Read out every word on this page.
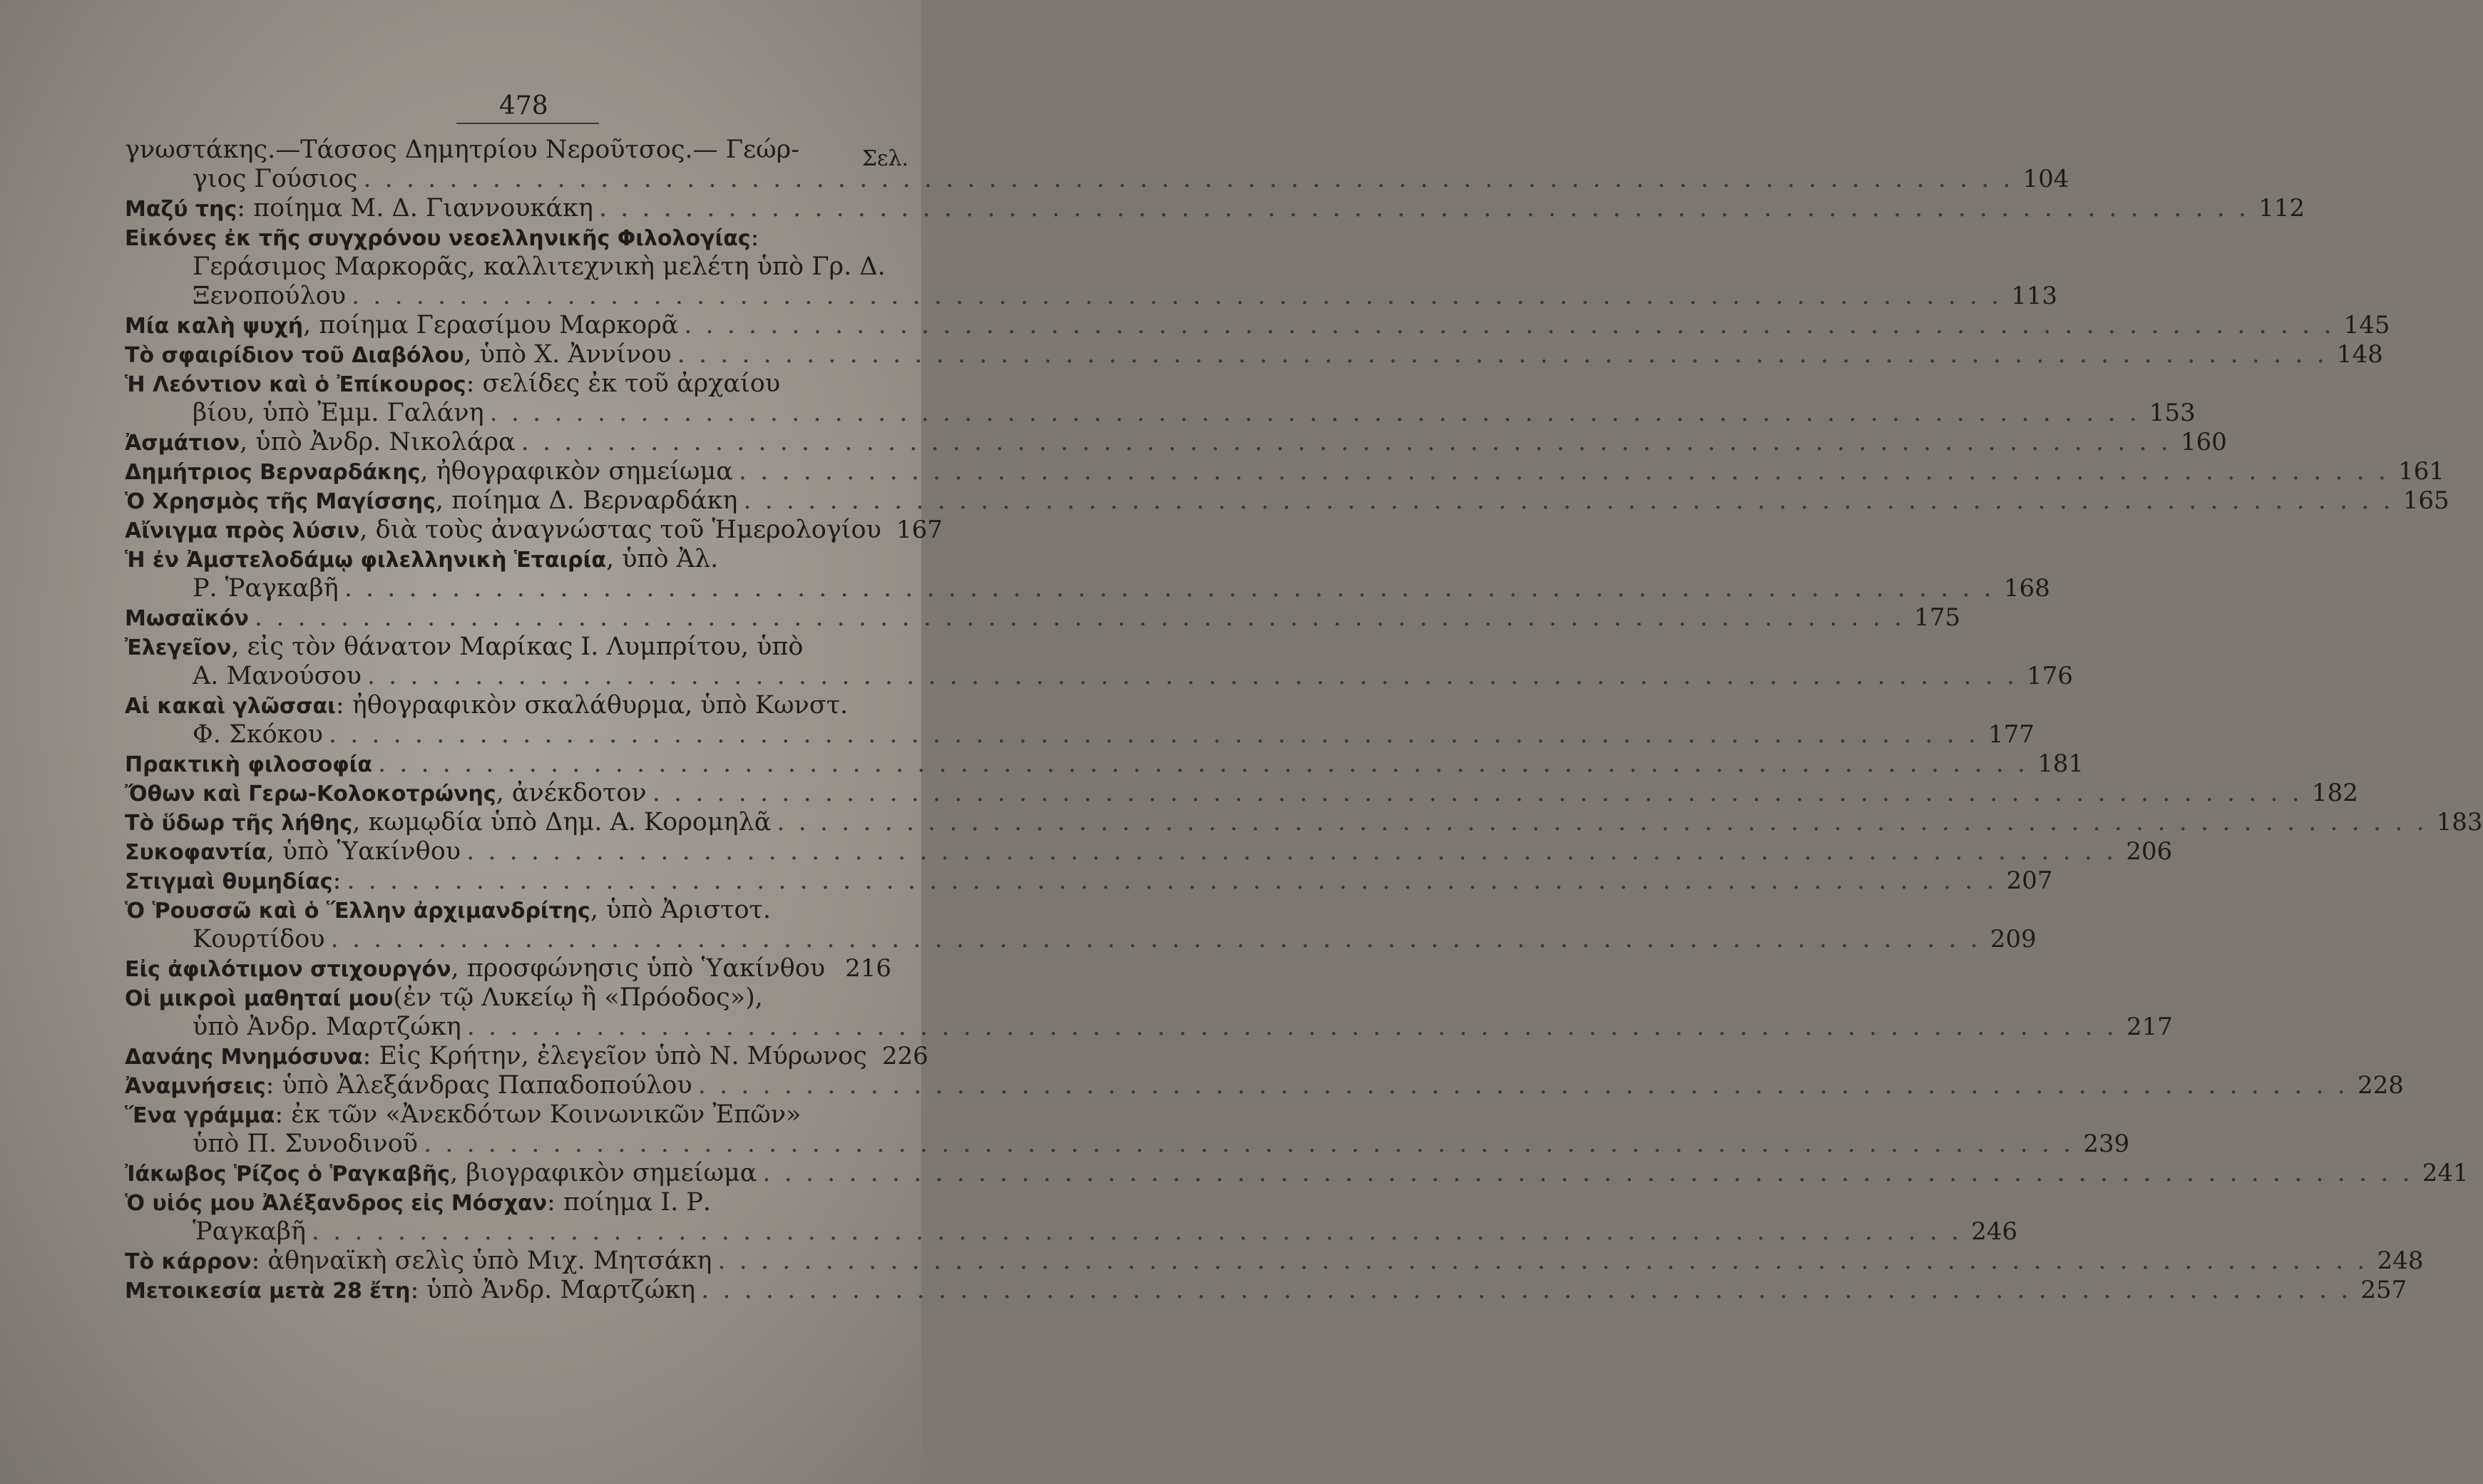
478
Σελ.
γνωστάκης.—Τάσσος Δημητρίου Νεροῦτσος.— Γεώρ-
γιος Γούσιος . . . . . . . . . . . . . . . . . . . . . . . . . . . . . . . . . . . . . . . . . . . . . . . . . . . . . . . . . . . . . . . . . . . . . . . . . . . . . 104
Μαζύ της : ποίημα Μ. Δ. Γιαννουκάκη . . . . . . . . . . . . . . . . . . . . . . . . . . . . . . . . . . . . . . . . . . . . . . . . . . . . . . . . . . . . . . . . . . . . . . . . . . . . . 112
Εἰκόνες ἐκ τῆς συγχρόνου νεοελληνικῆς Φιλολογίας :
Γεράσιμος Μαρκορᾶς, καλλιτεχνικὴ μελέτη ὑπὸ Γρ. Δ.
Ξενοπούλου . . . . . . . . . . . . . . . . . . . . . . . . . . . . . . . . . . . . . . . . . . . . . . . . . . . . . . . . . . . . . . . . . . . . . . . . . . . . . 113
Μία καλὴ ψυχή , ποίημα Γερασίμου Μαρκορᾶ . . . . . . . . . . . . . . . . . . . . . . . . . . . . . . . . . . . . . . . . . . . . . . . . . . . . . . . . . . . . . . . . . . . . . . . . . . . . . 145
Τὸ σφαιρίδιον τοῦ Διαβόλου , ὑπὸ Χ. Ἀννίνου . . . . . . . . . . . . . . . . . . . . . . . . . . . . . . . . . . . . . . . . . . . . . . . . . . . . . . . . . . . . . . . . . . . . . . . . . . . . . 148
Ἡ Λεόντιον καὶ ὁ Ἐπίκουρος : σελίδες ἐκ τοῦ ἀρχαίου
βίου, ὑπὸ Ἐμμ. Γαλάνη . . . . . . . . . . . . . . . . . . . . . . . . . . . . . . . . . . . . . . . . . . . . . . . . . . . . . . . . . . . . . . . . . . . . . . . . . . . . . 153
Ἀσμάτιον , ὑπὸ Ἀνδρ. Νικολάρα . . . . . . . . . . . . . . . . . . . . . . . . . . . . . . . . . . . . . . . . . . . . . . . . . . . . . . . . . . . . . . . . . . . . . . . . . . . . . 160
Δημήτριος Βερναρδάκης , ἠθογραφικὸν σημείωμα . . . . . . . . . . . . . . . . . . . . . . . . . . . . . . . . . . . . . . . . . . . . . . . . . . . . . . . . . . . . . . . . . . . . . . . . . . . . . 161
Ὁ Χρησμὸς τῆς Μαγίσσης , ποίημα Δ. Βερναρδάκη . . . . . . . . . . . . . . . . . . . . . . . . . . . . . . . . . . . . . . . . . . . . . . . . . . . . . . . . . . . . . . . . . . . . . . . . . . . . . 165
Αἴνιγμα πρὸς λύσιν , διὰ τοὺς ἀναγνώστας τοῦ Ἡμερολογίου 167
Ἡ ἐν Ἀμστελοδάμῳ φιλελληνικὴ Ἑταιρία , ὑπὸ Ἀλ.
Ρ. Ῥαγκαβῆ . . . . . . . . . . . . . . . . . . . . . . . . . . . . . . . . . . . . . . . . . . . . . . . . . . . . . . . . . . . . . . . . . . . . . . . . . . . . . 168
Μωσαϊκόν . . . . . . . . . . . . . . . . . . . . . . . . . . . . . . . . . . . . . . . . . . . . . . . . . . . . . . . . . . . . . . . . . . . . . . . . . . . . . 175
Ἐλεγεῖον , εἰς τὸν θάνατον Μαρίκας Ι. Λυμπρίτου, ὑπὸ
Α. Μανούσου . . . . . . . . . . . . . . . . . . . . . . . . . . . . . . . . . . . . . . . . . . . . . . . . . . . . . . . . . . . . . . . . . . . . . . . . . . . . . 176
Αἱ κακαὶ γλῶσσαι : ἠθογραφικὸν σκαλάθυρμα, ὑπὸ Κωνστ.
Φ. Σκόκου . . . . . . . . . . . . . . . . . . . . . . . . . . . . . . . . . . . . . . . . . . . . . . . . . . . . . . . . . . . . . . . . . . . . . . . . . . . . . 177
Πρακτικὴ φιλοσοφία . . . . . . . . . . . . . . . . . . . . . . . . . . . . . . . . . . . . . . . . . . . . . . . . . . . . . . . . . . . . . . . . . . . . . . . . . . . . . 181
Ὄθων καὶ Γερω-Κολοκοτρώνης , ἀνέκδοτον . . . . . . . . . . . . . . . . . . . . . . . . . . . . . . . . . . . . . . . . . . . . . . . . . . . . . . . . . . . . . . . . . . . . . . . . . . . . . 182
Τὸ ὕδωρ τῆς λήθης , κωμῳδία ὑπὸ Δημ. Α. Κορομηλᾶ . . . . . . . . . . . . . . . . . . . . . . . . . . . . . . . . . . . . . . . . . . . . . . . . . . . . . . . . . . . . . . . . . . . . . . . . . . . . . 183
Συκοφαντία , ὑπὸ Ὑακίνθου . . . . . . . . . . . . . . . . . . . . . . . . . . . . . . . . . . . . . . . . . . . . . . . . . . . . . . . . . . . . . . . . . . . . . . . . . . . . . 206
Στιγμαὶ θυμηδίας : . . . . . . . . . . . . . . . . . . . . . . . . . . . . . . . . . . . . . . . . . . . . . . . . . . . . . . . . . . . . . . . . . . . . . . . . . . . . . 207
Ὁ Ῥουσσῶ καὶ ὁ Ἕλλην ἀρχιμανδρίτης , ὑπὸ Ἀριστοτ.
Κουρτίδου . . . . . . . . . . . . . . . . . . . . . . . . . . . . . . . . . . . . . . . . . . . . . . . . . . . . . . . . . . . . . . . . . . . . . . . . . . . . . 209
Εἰς ἀφιλότιμον στιχουργόν , προσφώνησις ὑπὸ Ὑακίνθου 216
Οἱ μικροὶ μαθηταί μου (ἐν τῷ Λυκείῳ ἢ «Πρόοδος»),
ὑπὸ Ἀνδρ. Μαρτζώκη . . . . . . . . . . . . . . . . . . . . . . . . . . . . . . . . . . . . . . . . . . . . . . . . . . . . . . . . . . . . . . . . . . . . . . . . . . . . . 217
Δανάης Μνημόσυνα : Εἰς Κρήτην, ἐλεγεῖον ὑπὸ Ν. Μύρωνος 226
Ἀναμνήσεις : ὑπὸ Ἀλεξάνδρας Παπαδοπούλου . . . . . . . . . . . . . . . . . . . . . . . . . . . . . . . . . . . . . . . . . . . . . . . . . . . . . . . . . . . . . . . . . . . . . . . . . . . . . 228
Ἕνα γράμμα : ἐκ τῶν «Ἀνεκδότων Κοινωνικῶν Ἐπῶν»
ὑπὸ Π. Συνοδινοῦ . . . . . . . . . . . . . . . . . . . . . . . . . . . . . . . . . . . . . . . . . . . . . . . . . . . . . . . . . . . . . . . . . . . . . . . . . . . . . 239
Ἰάκωβος Ῥίζος ὁ Ῥαγκαβῆς , βιογραφικὸν σημείωμα . . . . . . . . . . . . . . . . . . . . . . . . . . . . . . . . . . . . . . . . . . . . . . . . . . . . . . . . . . . . . . . . . . . . . . . . . . . . . 241
Ὁ υἱός μου Ἀλέξανδρος εἰς Μόσχαν : ποίημα Ι. Ρ.
Ῥαγκαβῆ . . . . . . . . . . . . . . . . . . . . . . . . . . . . . . . . . . . . . . . . . . . . . . . . . . . . . . . . . . . . . . . . . . . . . . . . . . . . . 246
Τὸ κάρρον : ἀθηναϊκὴ σελὶς ὑπὸ Μιχ. Μητσάκη . . . . . . . . . . . . . . . . . . . . . . . . . . . . . . . . . . . . . . . . . . . . . . . . . . . . . . . . . . . . . . . . . . . . . . . . . . . . . 248
Μετοικεσία μετὰ 28 ἔτη : ὑπὸ Ἀνδρ. Μαρτζώκη . . . . . . . . . . . . . . . . . . . . . . . . . . . . . . . . . . . . . . . . . . . . . . . . . . . . . . . . . . . . . . . . . . . . . . . . . . . . . 257
